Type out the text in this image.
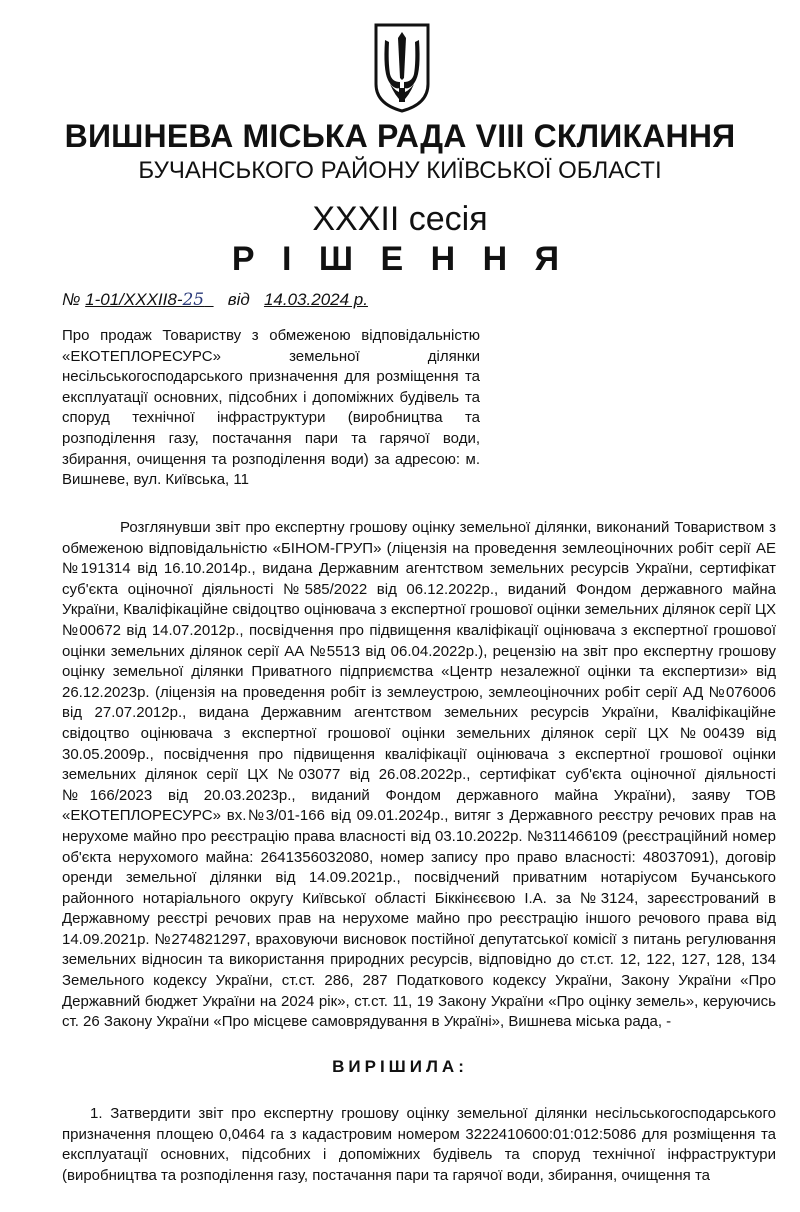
ВИШНЕВА МІСЬКА РАДА VIII СКЛИКАННЯ
БУЧАНСЬКОГО РАЙОНУ КИЇВСЬКОЇ ОБЛАСТІ
XXXII сесія
Р І Ш Е Н Н Я
№ 1-01/XXXII8-25 від 14.03.2024 р.
Про продаж Товариству з обмеженою відповідальністю «ЕКОТЕПЛОРЕСУРС» земельної ділянки несільськогосподарського призначення для розміщення та експлуатації основних, підсобних і допоміжних будівель та споруд технічної інфраструктури (виробництва та розподілення газу, постачання пари та гарячої води, збирання, очищення та розподілення води) за адресою: м. Вишневе, вул. Київська, 11
Розглянувши звіт про експертну грошову оцінку земельної ділянки, виконаний Товариством з обмеженою відповідальністю «БІНОМ-ГРУП» (ліцензія на проведення землеоціночних робіт серії АЕ №191314 від 16.10.2014р., видана Державним агентством земельних ресурсів України, сертифікат суб'єкта оціночної діяльності №585/2022 від 06.12.2022р., виданий Фондом державного майна України, Кваліфікаційне свідоцтво оцінювача з експертної грошової оцінки земельних ділянок серії ЦХ №00672 від 14.07.2012р., посвідчення про підвищення кваліфікації оцінювача з експертної грошової оцінки земельних ділянок серії АА №5513 від 06.04.2022р.), рецензію на звіт про експертну грошову оцінку земельної ділянки Приватного підприємства «Центр незалежної оцінки та експертизи» від 26.12.2023р. (ліцензія на проведення робіт із землеустрою, землеоціночних робіт серії АД №076006 від 27.07.2012р., видана Державним агентством земельних ресурсів України, Кваліфікаційне свідоцтво оцінювача з експертної грошової оцінки земельних ділянок серії ЦХ №00439 від 30.05.2009р., посвідчення про підвищення кваліфікації оцінювача з експертної грошової оцінки земельних ділянок серії ЦХ №03077 від 26.08.2022р., сертифікат суб'єкта оціночної діяльності №166/2023 від 20.03.2023р., виданий Фондом державного майна України), заяву ТОВ «ЕКОТЕПЛОРЕСУРС» вх.№3/01-166 від 09.01.2024р., витяг з Державного реєстру речових прав на нерухоме майно про реєстрацію права власності від 03.10.2022р. №311466109 (реєстраційний номер об'єкта нерухомого майна: 2641356032080, номер запису про право власності: 48037091), договір оренди земельної ділянки від 14.09.2021р., посвідчений приватним нотаріусом Бучанського районного нотаріального округу Київської області Біккінєєвою І.А. за №3124, зареєстрований в Державному реєстрі речових прав на нерухоме майно про реєстрацію іншого речового права від 14.09.2021р. №274821297, враховуючи висновок постійної депутатської комісії з питань регулювання земельних відносин та використання природних ресурсів, відповідно до ст.ст. 12, 122, 127, 128, 134 Земельного кодексу України, ст.ст. 286, 287 Податкового кодексу України, Закону України «Про Державний бюджет України на 2024 рік», ст.ст. 11, 19 Закону України «Про оцінку земель», керуючись ст. 26 Закону України «Про місцеве самоврядування в Україні», Вишнева міська рада, -
ВИРІШИЛА:
1. Затвердити звіт про експертну грошову оцінку земельної ділянки несільськогосподарського призначення площею 0,0464 га з кадастровим номером 3222410600:01:012:5086 для розміщення та експлуатації основних, підсобних і допоміжних будівель та споруд технічної інфраструктури (виробництва та розподілення газу, постачання пари та гарячої води, збирання, очищення та
